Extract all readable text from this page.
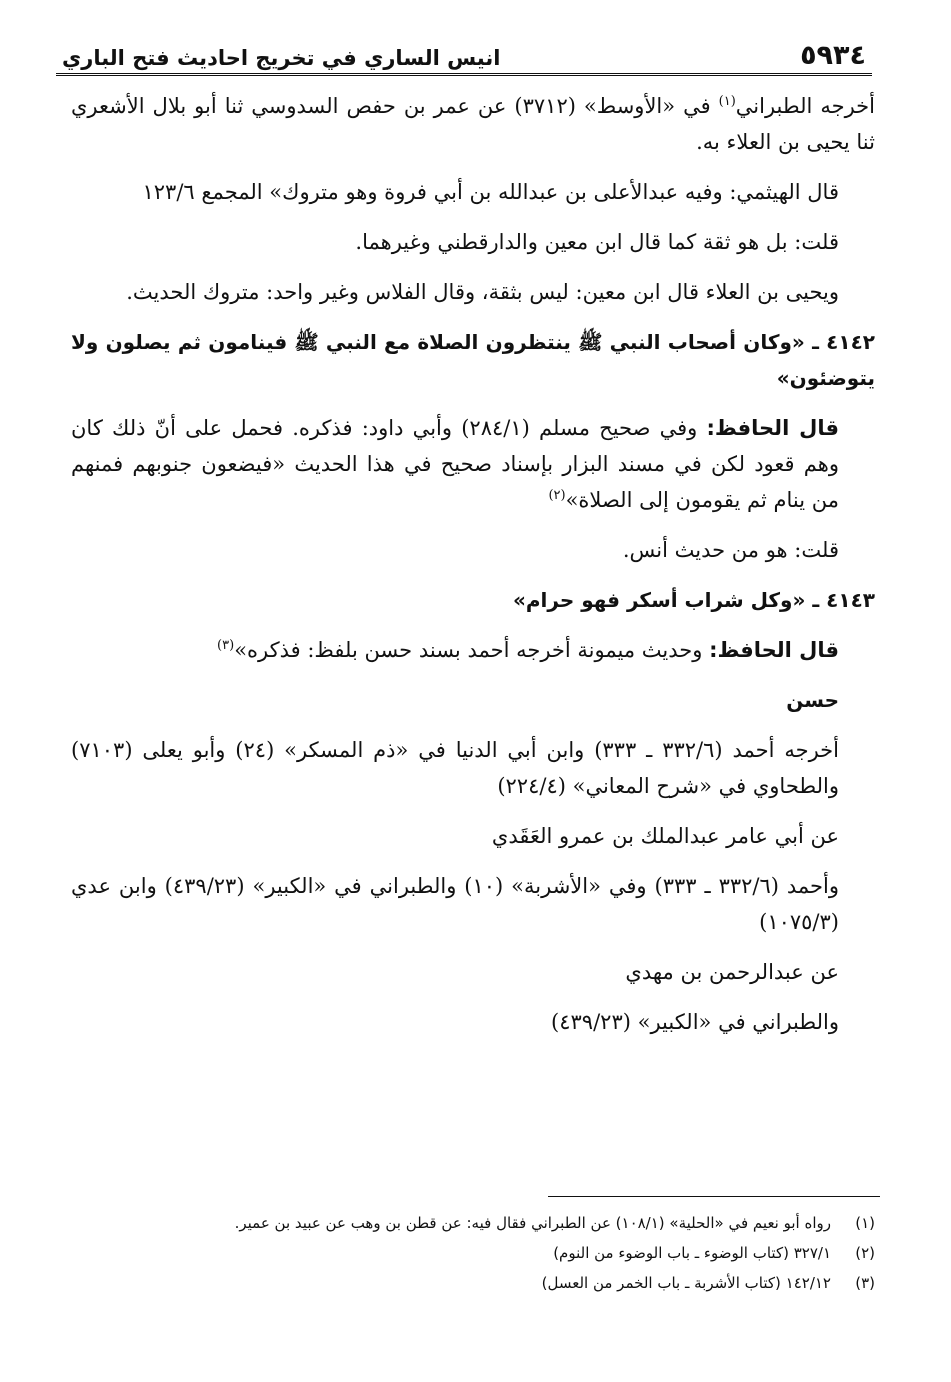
٥٩٣٤
انيس الساري في تخريج احاديث فتح الباري

أخرجه الطبراني$^{(١)}$ في «الأوسط» (٣٧١٢) عن عمر بن حفص السدوسي ثنا أبو بلال الأشعري ثنا يحيى بن العلاء به.

قال الهيثمي: وفيه عبدالأعلى بن عبدالله بن أبي فروة وهو متروك» المجمع ١٢٣/٦

قلت: بل هو ثقة كما قال ابن معين والدارقطني وغيرهما.

ويحيى بن العلاء قال ابن معين: ليس بثقة، وقال الفلاس وغير واحد: متروك الحديث.

٤١٤٢ ـ «وكان أصحاب النبي ﷺ ينتظرون الصلاة مع النبي ﷺ فينامون ثم يصلون ولا يتوضئون»

قال الحافظ: وفي صحيح مسلم (٢٨٤/١) وأبي داود: فذكره. فحمل على أنّ ذلك كان وهم قعود لكن في مسند البزار بإسناد صحيح في هذا الحديث «فيضعون جنوبهم فمنهم من ينام ثم يقومون إلى الصلاة»$^{(٢)}$

قلت: هو من حديث أنس.

٤١٤٣ ـ «وكل شراب أسكر فهو حرام»

قال الحافظ: وحديث ميمونة أخرجه أحمد بسند حسن بلفظ: فذكره»$^{(٣)}$

حسن

أخرجه أحمد (٣٣٢/٦ ـ ٣٣٣) وابن أبي الدنيا في «ذم المسكر» (٢٤) وأبو يعلى (٧١٠٣) والطحاوي في «شرح المعاني» (٢٢٤/٤)

عن أبي عامر عبدالملك بن عمرو العَقَدي

وأحمد (٣٣٢/٦ ـ ٣٣٣) وفي «الأشربة» (١٠) والطبراني في «الكبير» (٤٣٩/٢٣) وابن عدي (١٠٧٥/٣)

عن عبدالرحمن بن مهدي

والطبراني في «الكبير» (٤٣٩/٢٣)

(١)رواه أبو نعيم في «الحلية» (١٠٨/١) عن الطبراني فقال فيه: عن قطن بن وهب عن عبيد بن عمير.
(٢)٣٢٧/١ (كتاب الوضوء ـ باب الوضوء من النوم)
(٣)١٤٢/١٢ (كتاب الأشربة ـ باب الخمر من العسل)
